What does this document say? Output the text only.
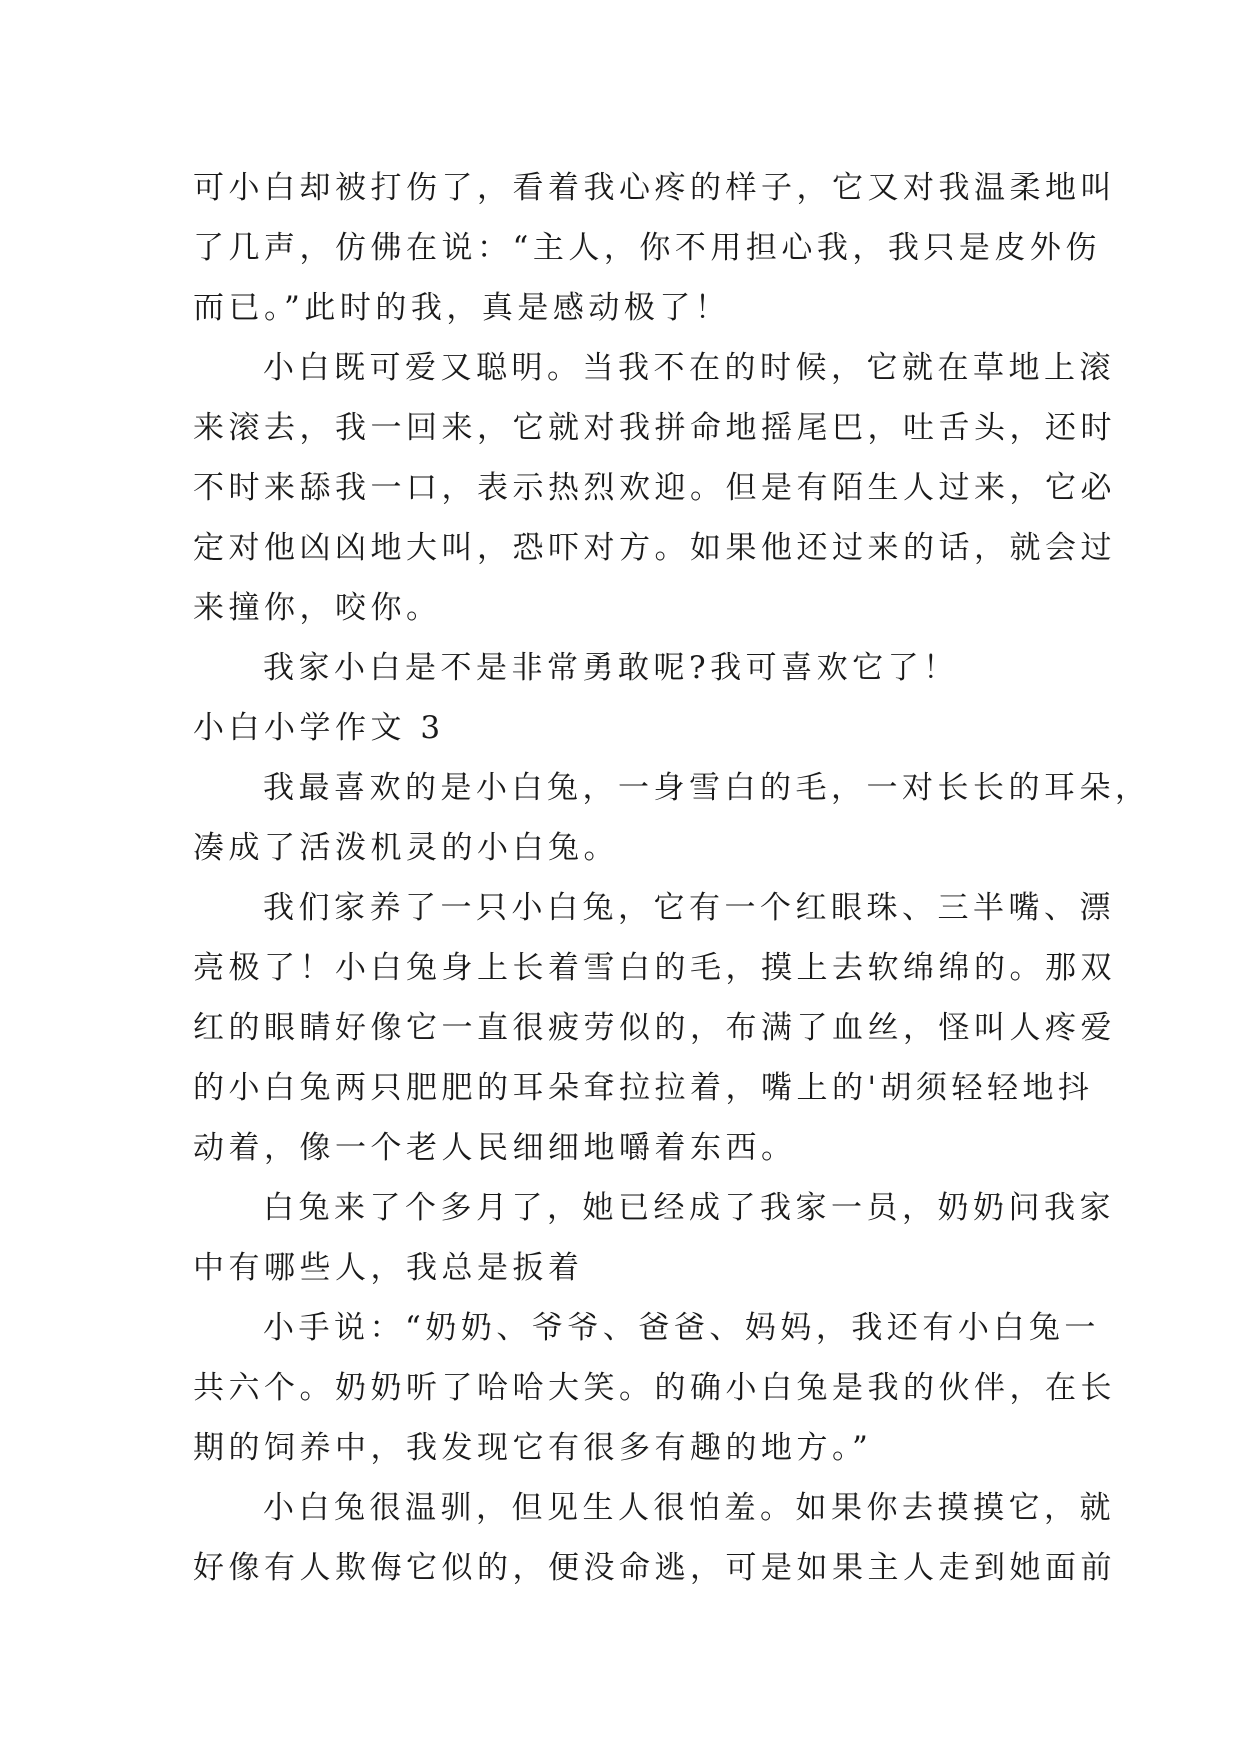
可小白却被打伤了，看着我心疼的样子，它又对我温柔地叫
了几声，仿佛在说：“主人，你不用担心我，我只是皮外伤
而已。”此时的我，真是感动极了！
小白既可爱又聪明。当我不在的时候，它就在草地上滚
来滚去，我一回来，它就对我拼命地摇尾巴，吐舌头，还时
不时来舔我一口，表示热烈欢迎。但是有陌生人过来，它必
定对他凶凶地大叫，恐吓对方。如果他还过来的话，就会过
来撞你，咬你。
我家小白是不是非常勇敢呢?我可喜欢它了！
小白小学作文 3
我最喜欢的是小白兔，一身雪白的毛，一对长长的耳朵，
凑成了活泼机灵的小白兔。
我们家养了一只小白兔，它有一个红眼珠、三半嘴、漂
亮极了！小白兔身上长着雪白的毛，摸上去软绵绵的。那双
红的眼睛好像它一直很疲劳似的，布满了血丝，怪叫人疼爱
的小白兔两只肥肥的耳朵耷拉拉着，嘴上的'胡须轻轻地抖
动着，像一个老人民细细地嚼着东西。
白兔来了个多月了，她已经成了我家一员，奶奶问我家
中有哪些人，我总是扳着
小手说：“奶奶、爷爷、爸爸、妈妈，我还有小白兔一
共六个。奶奶听了哈哈大笑。的确小白兔是我的伙伴，在长
期的饲养中，我发现它有很多有趣的地方。”
小白兔很温驯，但见生人很怕羞。如果你去摸摸它，就
好像有人欺侮它似的，便没命逃，可是如果主人走到她面前
